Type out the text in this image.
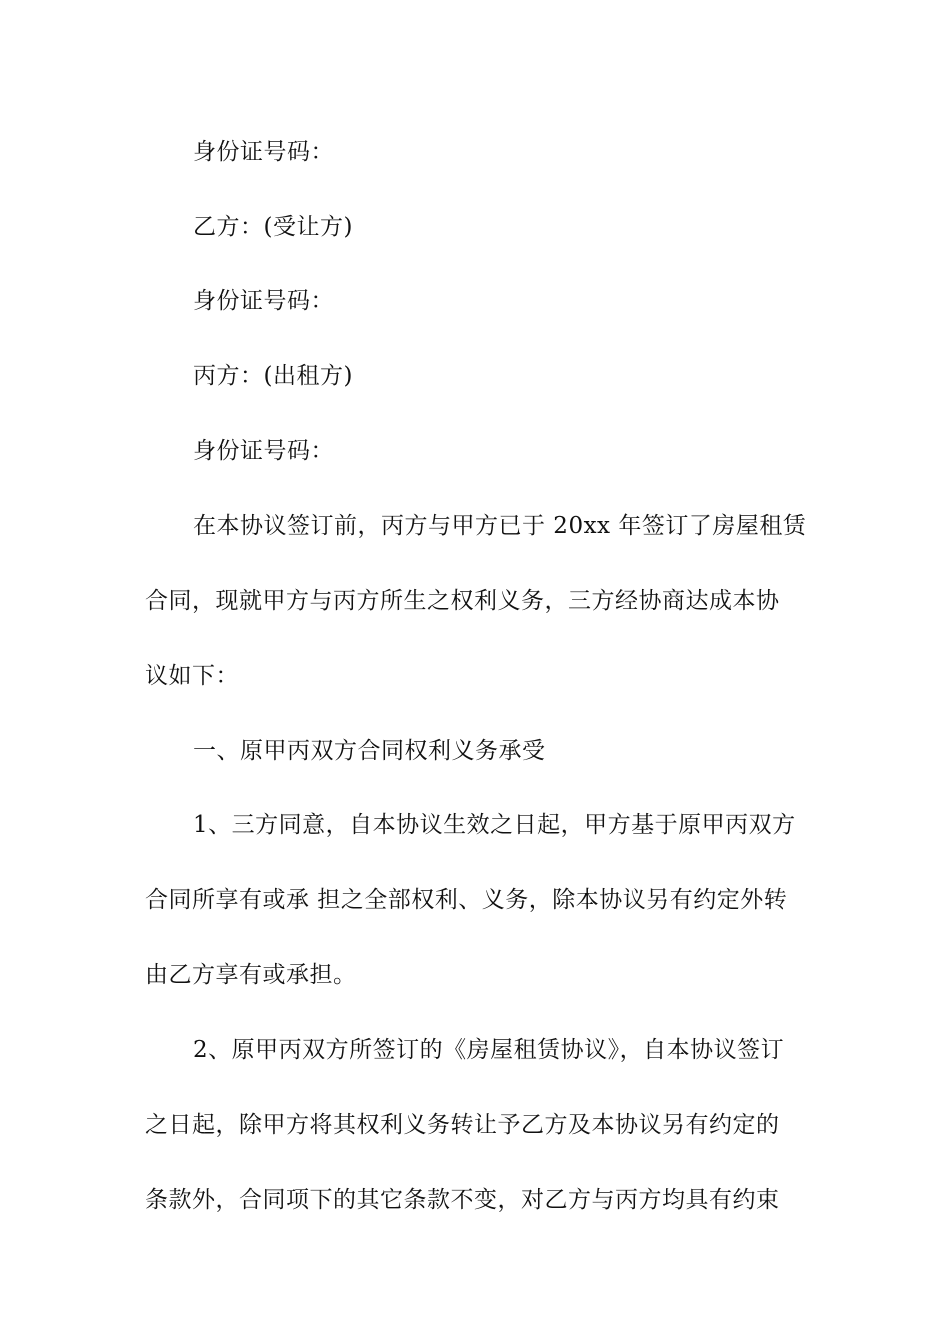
身份证号码：
乙方：(受让方)
身份证号码：
丙方：(出租方)
身份证号码：
在本协议签订前，丙方与甲方已于 20xx 年签订了房屋租赁
合同，现就甲方与丙方所生之权利义务，三方经协商达成本协
议如下：
一、原甲丙双方合同权利义务承受
1、三方同意，自本协议生效之日起，甲方基于原甲丙双方
合同所享有或承 担之全部权利、义务，除本协议另有约定外转
由乙方享有或承担。
2、原甲丙双方所签订的《房屋租赁协议》，自本协议签订
之日起，除甲方将其权利义务转让予乙方及本协议另有约定的
条款外，合同项下的其它条款不变，对乙方与丙方均具有约束
